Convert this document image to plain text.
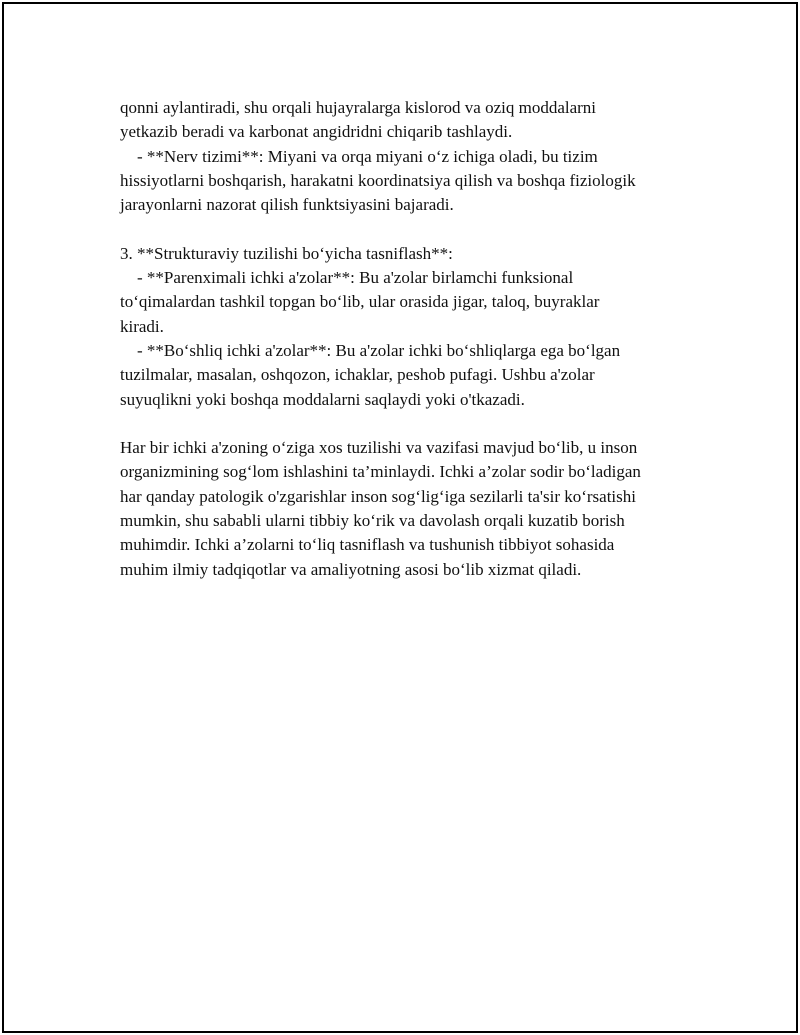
qonni aylantiradi, shu orqali hujayralarga kislorod va oziq moddalarni
yetkazib beradi va karbonat angidridni chiqarib tashlaydi.
- **Nerv tizimi**: Miyani va orqa miyani o‘z ichiga oladi, bu tizim
hissiyotlarni boshqarish, harakatni koordinatsiya qilish va boshqa fiziologik
jarayonlarni nazorat qilish funktsiyasini bajaradi.
3. **Strukturaviy tuzilishi bo‘yicha tasniflash**:
- **Parenximali ichki a'zolar**: Bu a'zolar birlamchi funksional
to‘qimalardan tashkil topgan bo‘lib, ular orasida jigar, taloq, buyraklar
kiradi.
- **Bo‘shliq ichki a'zolar**: Bu a'zolar ichki bo‘shliqlarga ega bo‘lgan
tuzilmalar, masalan, oshqozon, ichaklar, peshob pufagi. Ushbu a'zolar
suyuqlikni yoki boshqa moddalarni saqlaydi yoki o'tkazadi.
Har bir ichki a'zoning o‘ziga xos tuzilishi va vazifasi mavjud bo‘lib, u inson
organizmining sog‘lom ishlashini ta’minlaydi. Ichki a’zolar sodir bo‘ladigan
har qanday patologik o'zgarishlar inson sog‘lig‘iga sezilarli ta'sir ko‘rsatishi
mumkin, shu sababli ularni tibbiy ko‘rik va davolash orqali kuzatib borish
muhimdir. Ichki a’zolarni to‘liq tasniflash va tushunish tibbiyot sohasida
muhim ilmiy tadqiqotlar va amaliyotning asosi bo‘lib xizmat qiladi.
